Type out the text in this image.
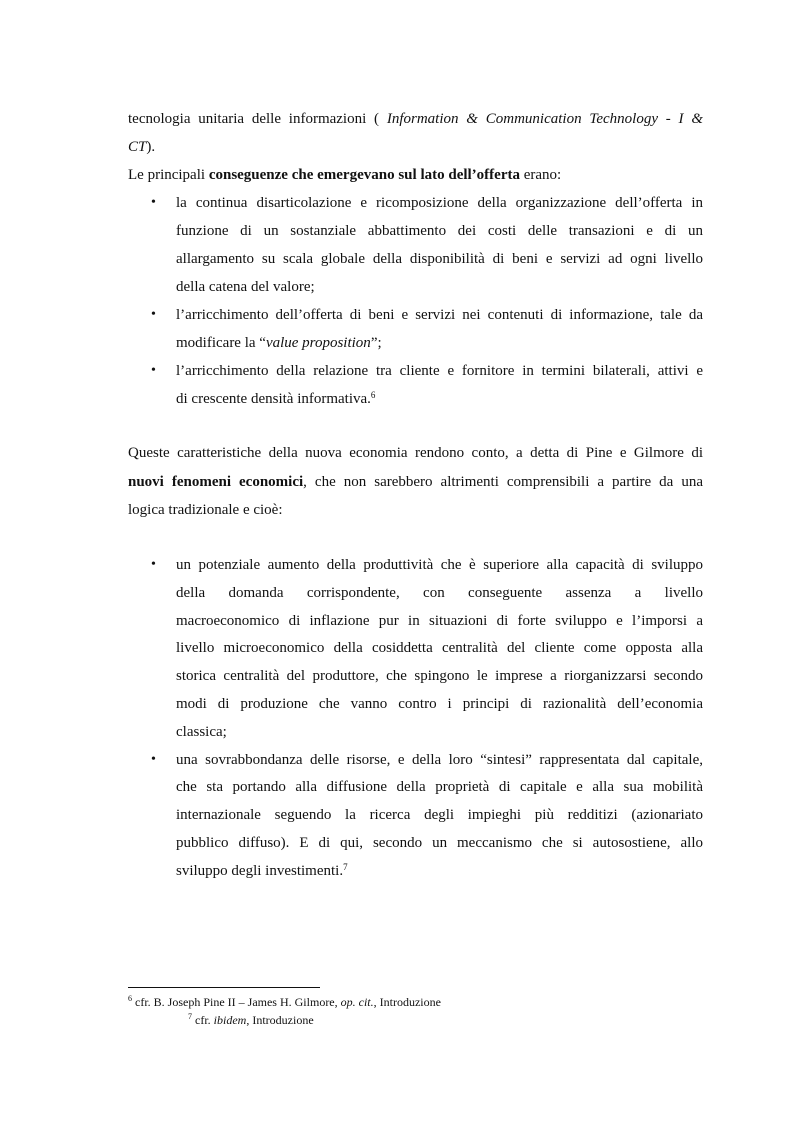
tecnologia unitaria delle informazioni ( Information & Communication Technology - I &
CT).
Le principali conseguenze che emergevano sul lato dell’offerta erano:
•	la continua disarticolazione e ricomposizione della organizzazione dell’offerta in
funzione di un sostanziale abbattimento dei costi delle transazioni e di un
allargamento su scala globale della disponibilità di beni e servizi ad ogni livello
della catena del valore;
•	l’arricchimento dell’offerta di beni e servizi nei contenuti di informazione, tale da
modificare la “value proposition”;
•	l’arricchimento della relazione tra cliente e fornitore in termini bilaterali, attivi e
di crescente densità informativa.$^6$
Queste caratteristiche della nuova economia rendono conto, a detta di Pine e Gilmore di
nuovi fenomeni economici, che non sarebbero altrimenti comprensibili a partire da una
logica tradizionale e cioè:
•	un potenziale aumento della produttività che è superiore alla capacità di sviluppo
della domanda corrispondente, con conseguente assenza a livello
macroeconomico di inflazione pur in situazioni di forte sviluppo e l’imporsi a
livello microeconomico della cosiddetta centralità del cliente come opposta alla
storica centralità del produttore, che spingono le imprese a riorganizzarsi secondo
modi di produzione che vanno contro i principi di razionalità dell’economia
classica;
•	una sovrabbondanza delle risorse, e della loro “sintesi” rappresentata dal capitale,
che sta portando alla diffusione della proprietà di capitale e alla sua mobilità
internazionale seguendo la ricerca degli impieghi più redditizi (azionariato
pubblico diffuso). E di qui, secondo un meccanismo che si autosostiene, allo
sviluppo degli investimenti.$^7$
$^6$ cfr. B. Joseph Pine II – James H. Gilmore, op. cit., Introduzione
$^7$ cfr. ibidem, Introduzione
